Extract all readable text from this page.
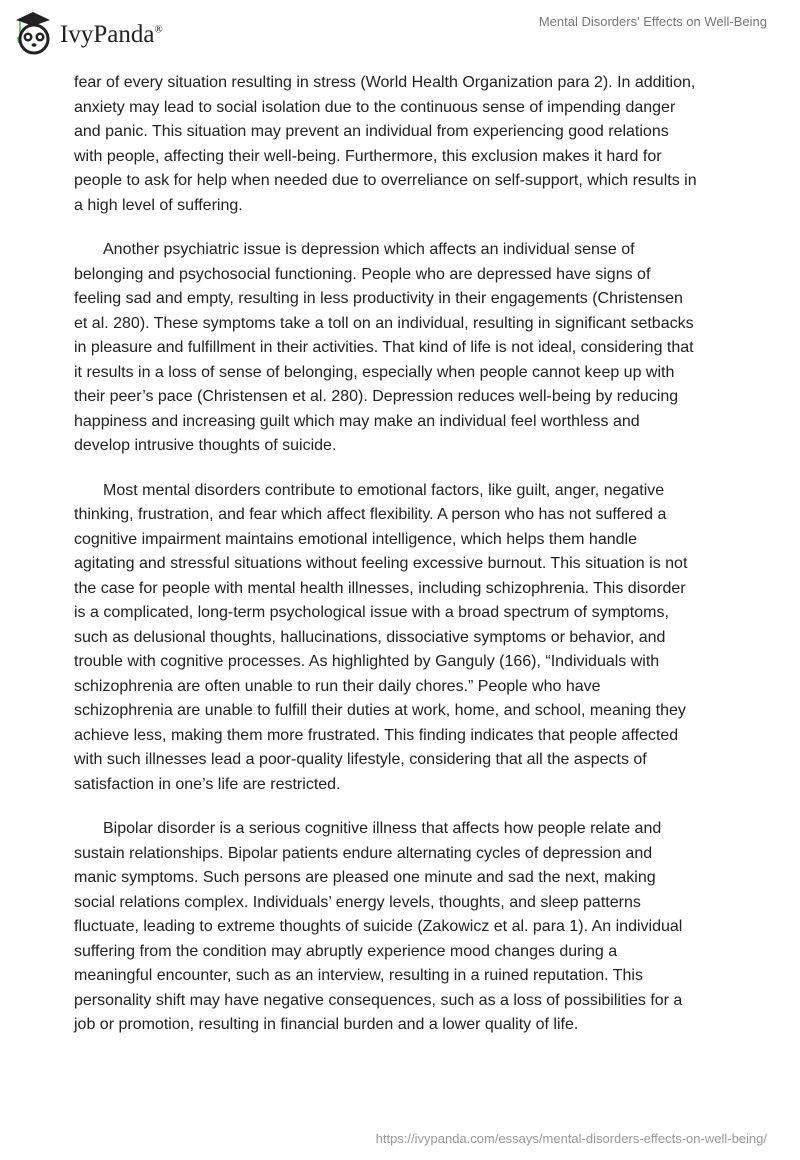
IvyPanda®
Mental Disorders' Effects on Well-Being
fear of every situation resulting in stress (World Health Organization para 2). In addition,
anxiety may lead to social isolation due to the continuous sense of impending danger
and panic. This situation may prevent an individual from experiencing good relations
with people, affecting their well-being. Furthermore, this exclusion makes it hard for
people to ask for help when needed due to overreliance on self-support, which results in
a high level of suffering.
Another psychiatric issue is depression which affects an individual sense of
belonging and psychosocial functioning. People who are depressed have signs of
feeling sad and empty, resulting in less productivity in their engagements (Christensen
et al. 280). These symptoms take a toll on an individual, resulting in significant setbacks
in pleasure and fulfillment in their activities. That kind of life is not ideal, considering that
it results in a loss of sense of belonging, especially when people cannot keep up with
their peer’s pace (Christensen et al. 280). Depression reduces well-being by reducing
happiness and increasing guilt which may make an individual feel worthless and
develop intrusive thoughts of suicide.
Most mental disorders contribute to emotional factors, like guilt, anger, negative
thinking, frustration, and fear which affect flexibility. A person who has not suffered a
cognitive impairment maintains emotional intelligence, which helps them handle
agitating and stressful situations without feeling excessive burnout. This situation is not
the case for people with mental health illnesses, including schizophrenia. This disorder
is a complicated, long-term psychological issue with a broad spectrum of symptoms,
such as delusional thoughts, hallucinations, dissociative symptoms or behavior, and
trouble with cognitive processes. As highlighted by Ganguly (166), “Individuals with
schizophrenia are often unable to run their daily chores.” People who have
schizophrenia are unable to fulfill their duties at work, home, and school, meaning they
achieve less, making them more frustrated. This finding indicates that people affected
with such illnesses lead a poor-quality lifestyle, considering that all the aspects of
satisfaction in one’s life are restricted.
Bipolar disorder is a serious cognitive illness that affects how people relate and
sustain relationships. Bipolar patients endure alternating cycles of depression and
manic symptoms. Such persons are pleased one minute and sad the next, making
social relations complex. Individuals’ energy levels, thoughts, and sleep patterns
fluctuate, leading to extreme thoughts of suicide (Zakowicz et al. para 1). An individual
suffering from the condition may abruptly experience mood changes during a
meaningful encounter, such as an interview, resulting in a ruined reputation. This
personality shift may have negative consequences, such as a loss of possibilities for a
job or promotion, resulting in financial burden and a lower quality of life.
https://ivypanda.com/essays/mental-disorders-effects-on-well-being/
